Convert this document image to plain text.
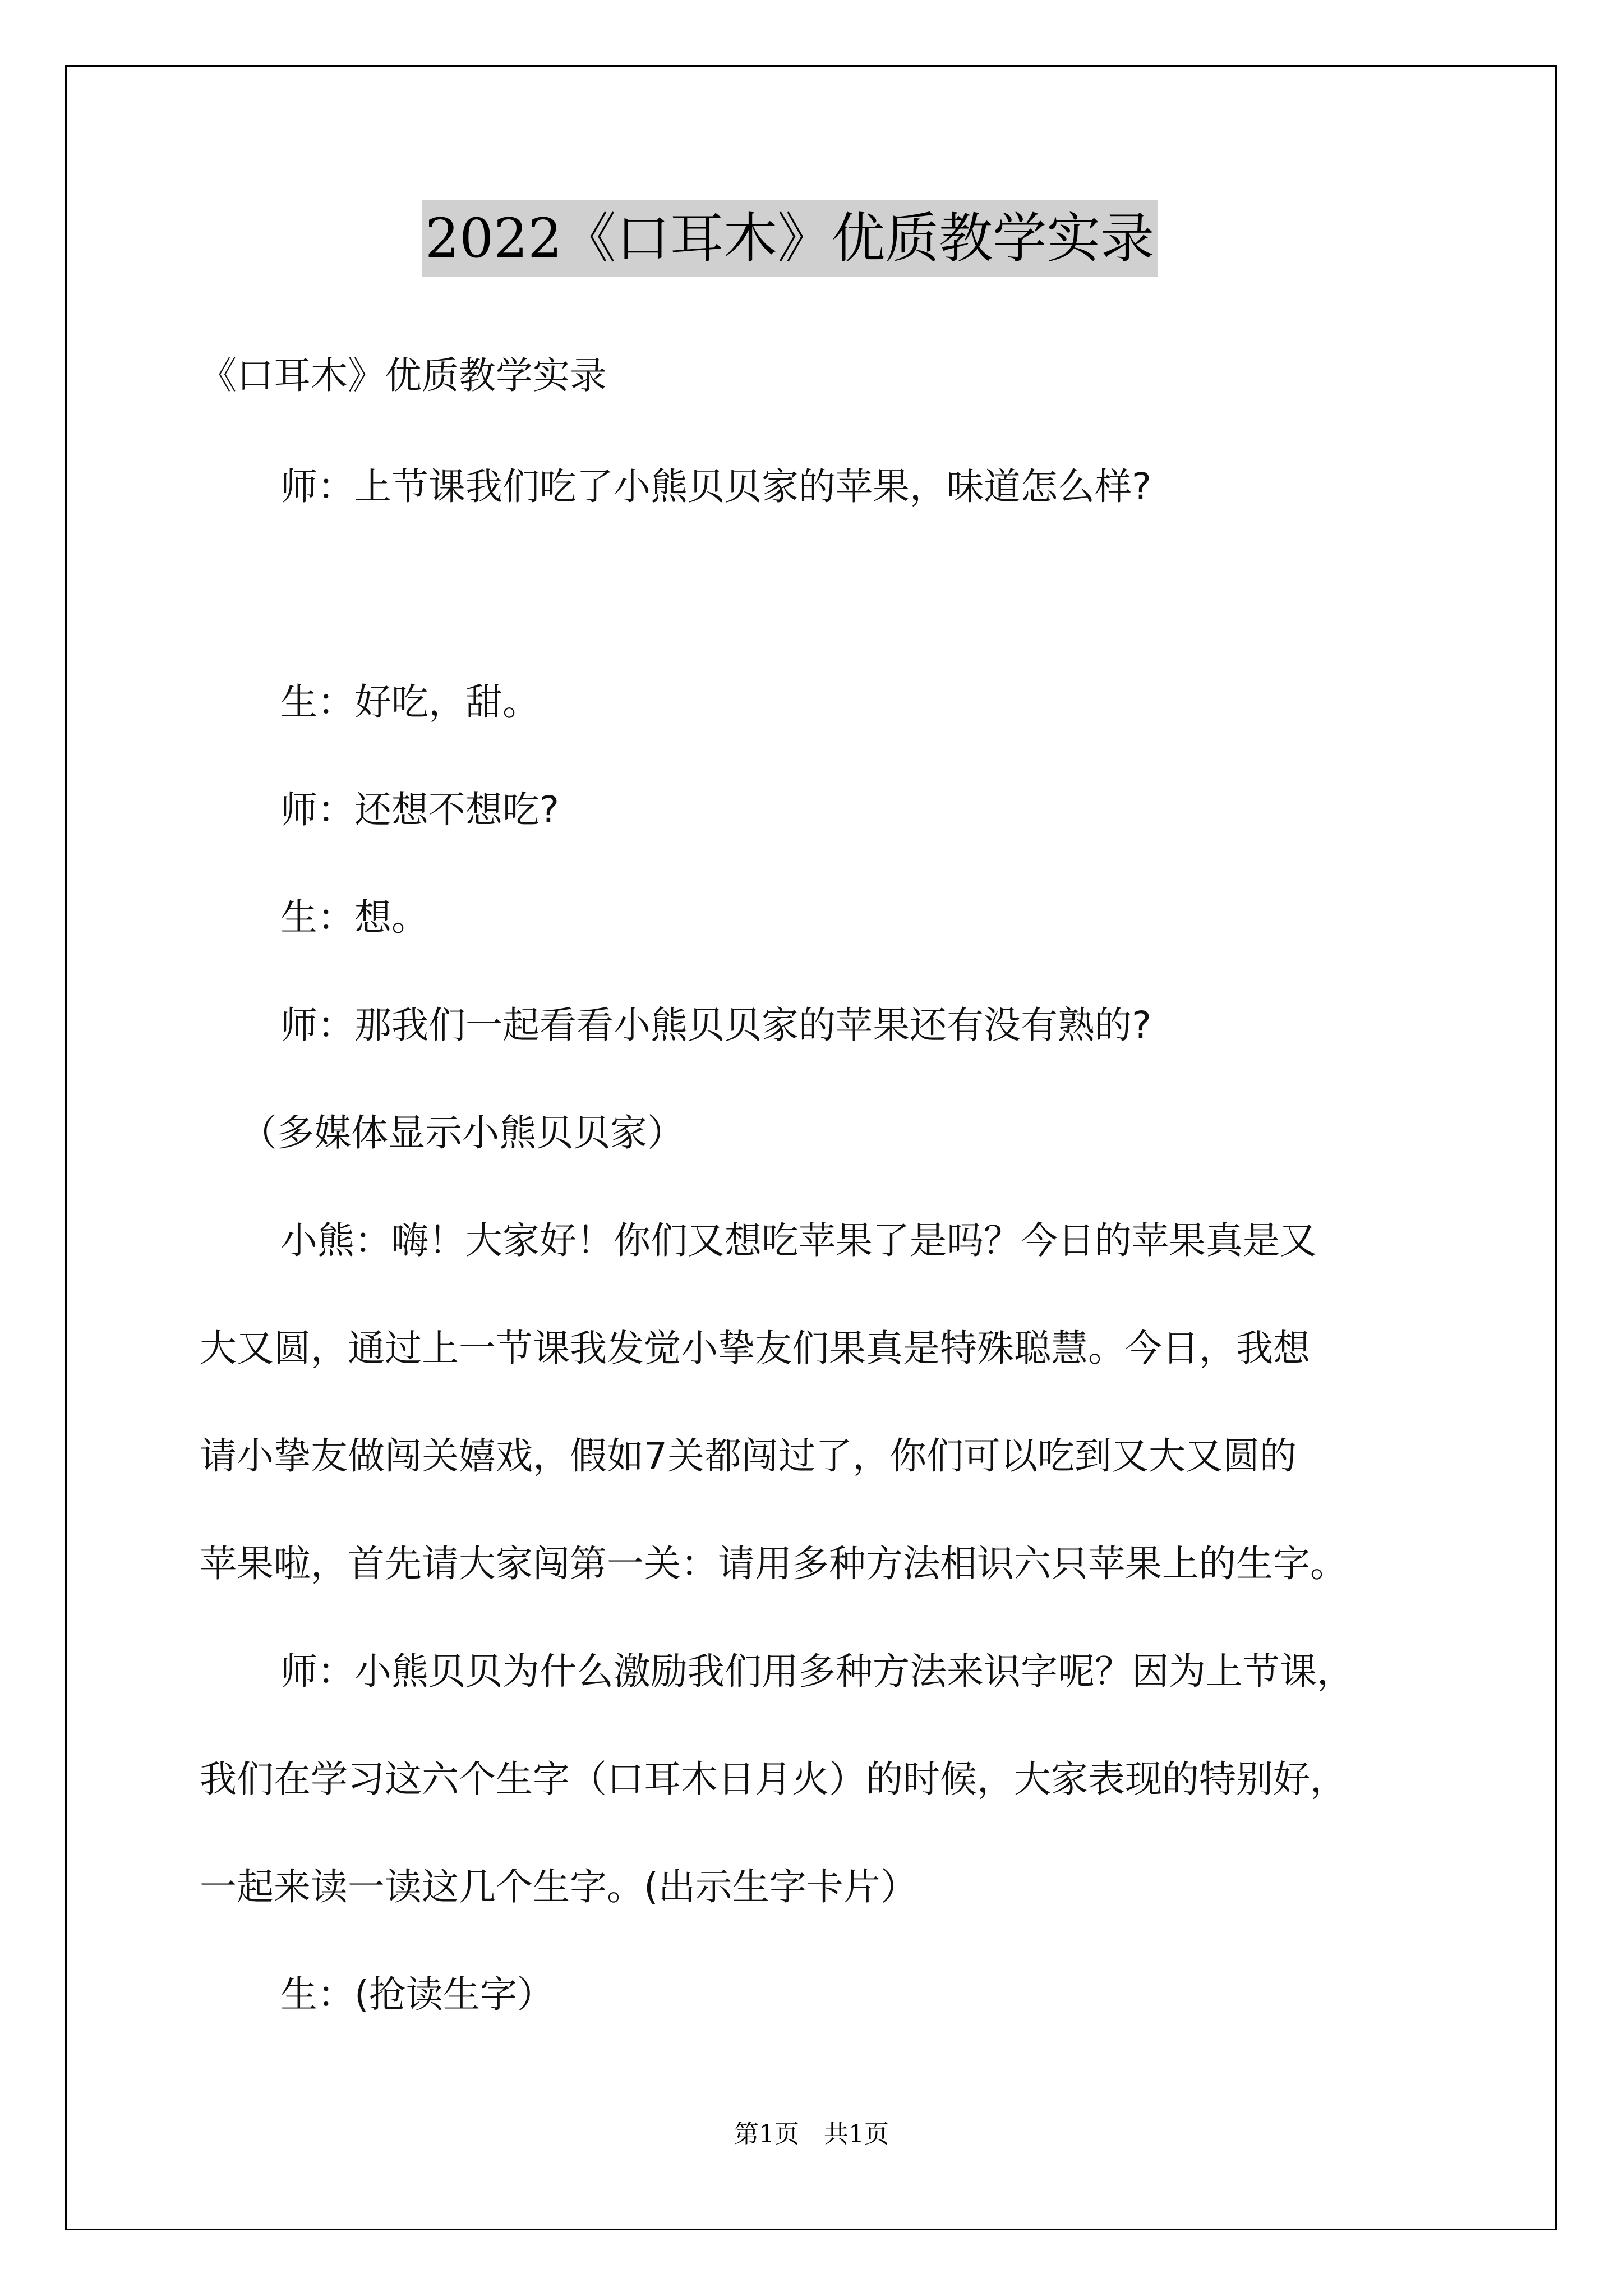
2022《口耳木》优质教学实录
《口耳木》优质教学实录
师：上节课我们吃了小熊贝贝家的苹果，味道怎么样?
生：好吃，甜。
师：还想不想吃?
生：想。
师：那我们一起看看小熊贝贝家的苹果还有没有熟的?
（多媒体显示小熊贝贝家）
小熊：嗨！大家好！你们又想吃苹果了是吗？今日的苹果真是又
大又圆，通过上一节课我发觉小挚友们果真是特殊聪慧。今日，我想
请小挚友做闯关嬉戏，假如7关都闯过了，你们可以吃到又大又圆的
苹果啦，首先请大家闯第一关：请用多种方法相识六只苹果上的生字。
师：小熊贝贝为什么激励我们用多种方法来识字呢？因为上节课，
我们在学习这六个生字（口耳木日月火）的时候，大家表现的特别好，
一起来读一读这几个生字。(出示生字卡片）
生：(抢读生字）
第1页　共1页
